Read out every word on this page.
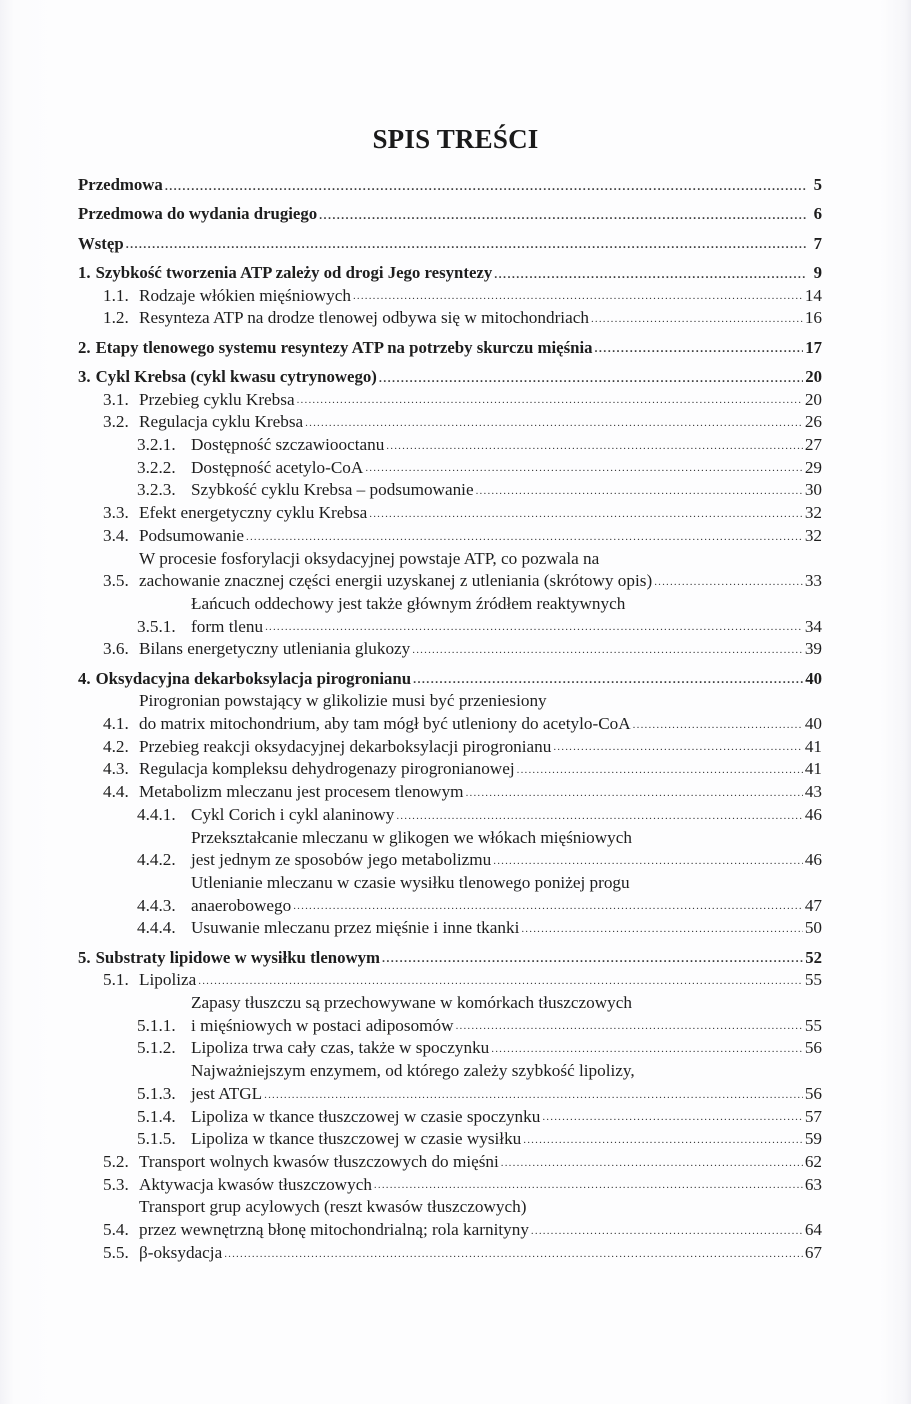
SPIS TREŚCI
Przedmowa .....	5
Przedmowa do wydania drugiego .....	6
Wstęp .....	7
1. Szybkość tworzenia ATP zależy od drogi Jego resyntezy .....	9
1.1. Rodzaje włókien mięśniowych .....	14
1.2. Resynteza ATP na drodze tlenowej odbywa się w mitochondriach .....	16
2. Etapy tlenowego systemu resyntezy ATP na potrzeby skurczu mięśnia .....	17
3. Cykl Krebsa (cykl kwasu cytrynowego) .....	20
3.1. Przebieg cyklu Krebsa .....	20
3.2. Regulacja cyklu Krebsa .....	26
3.2.1. Dostępność szczawiooctanu .....	27
3.2.2. Dostępność acetylo-CoA .....	29
3.2.3. Szybkość cyklu Krebsa – podsumowanie .....	30
3.3. Efekt energetyczny cyklu Krebsa .....	32
3.4. Podsumowanie .....	32
3.5.
W procesie fosforylacji oksydacyjnej powstaje ATP, co pozwala na
zachowanie znacznej części energii uzyskanej z utleniania (skrótowy opis) .....	33
3.5.1.
Łańcuch oddechowy jest także głównym źródłem reaktywnych
form tlenu .....	34
3.6. Bilans energetyczny utleniania glukozy .....	39
4. Oksydacyjna dekarboksylacja pirogronianu .....	40
4.1.
Pirogronian powstający w glikolizie musi być przeniesiony
do matrix mitochondrium, aby tam mógł być utleniony do acetylo-CoA .....	40
4.2. Przebieg reakcji oksydacyjnej dekarboksylacji pirogronianu .....	41
4.3. Regulacja kompleksu dehydrogenazy pirogronianowej .....	41
4.4. Metabolizm mleczanu jest procesem tlenowym .....	43
4.4.1. Cykl Corich i cykl alaninowy .....	46
4.4.2.
Przekształcanie mleczanu w glikogen we włókach mięśniowych
jest jednym ze sposobów jego metabolizmu .....	46
4.4.3.
Utlenianie mleczanu w czasie wysiłku tlenowego poniżej progu
anaerobowego .....	47
4.4.4. Usuwanie mleczanu przez mięśnie i inne tkanki .....	50
5. Substraty lipidowe w wysiłku tlenowym .....	52
5.1. Lipoliza .....	55
5.1.1.
Zapasy tłuszczu są przechowywane w komórkach tłuszczowych
i mięśniowych w postaci adiposomów .....	55
5.1.2. Lipoliza trwa cały czas, także w spoczynku .....	56
5.1.3.
Najważniejszym enzymem, od którego zależy szybkość lipolizy,
jest ATGL .....	56
5.1.4. Lipoliza w tkance tłuszczowej w czasie spoczynku .....	57
5.1.5. Lipoliza w tkance tłuszczowej w czasie wysiłku .....	59
5.2. Transport wolnych kwasów tłuszczowych do mięśni .....	62
5.3. Aktywacja kwasów tłuszczowych .....	63
5.4.
Transport grup acylowych (reszt kwasów tłuszczowych)
przez wewnętrzną błonę mitochondrialną; rola karnityny .....	64
5.5. β-oksydacja .....	67
